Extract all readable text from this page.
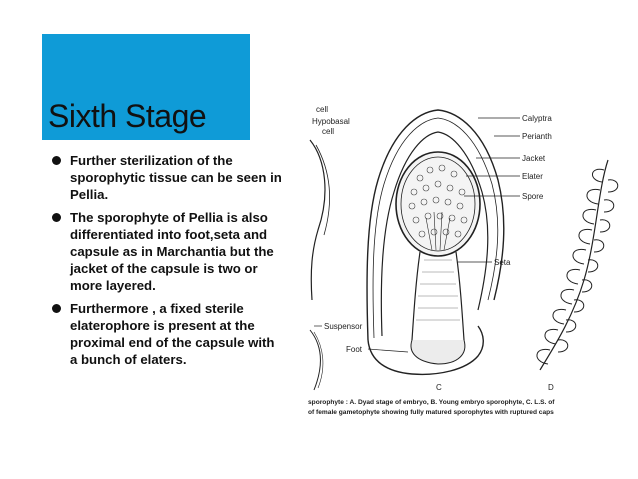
Sixth Stage
Further sterilization of the sporophytic tissue can be seen in Pellia.
The sporophyte of Pellia is also differentiated into foot,seta and capsule as in Marchantia but the jacket of the capsule is two or more layered.
Furthermore , a fixed sterile elaterophore is present at the proximal end of the capsule with a bunch of elaters.
cell
Hypobasal
cell
Calyptra
Perianth
Jacket
Elater
Spore
Seta
Suspensor
Foot
C	D
sporophyte : A. Dyad stage of embryo, B. Young embryo sporophyte, C. L.S. of
of female gametophyte showing fully matured sporophytes with ruptured caps
